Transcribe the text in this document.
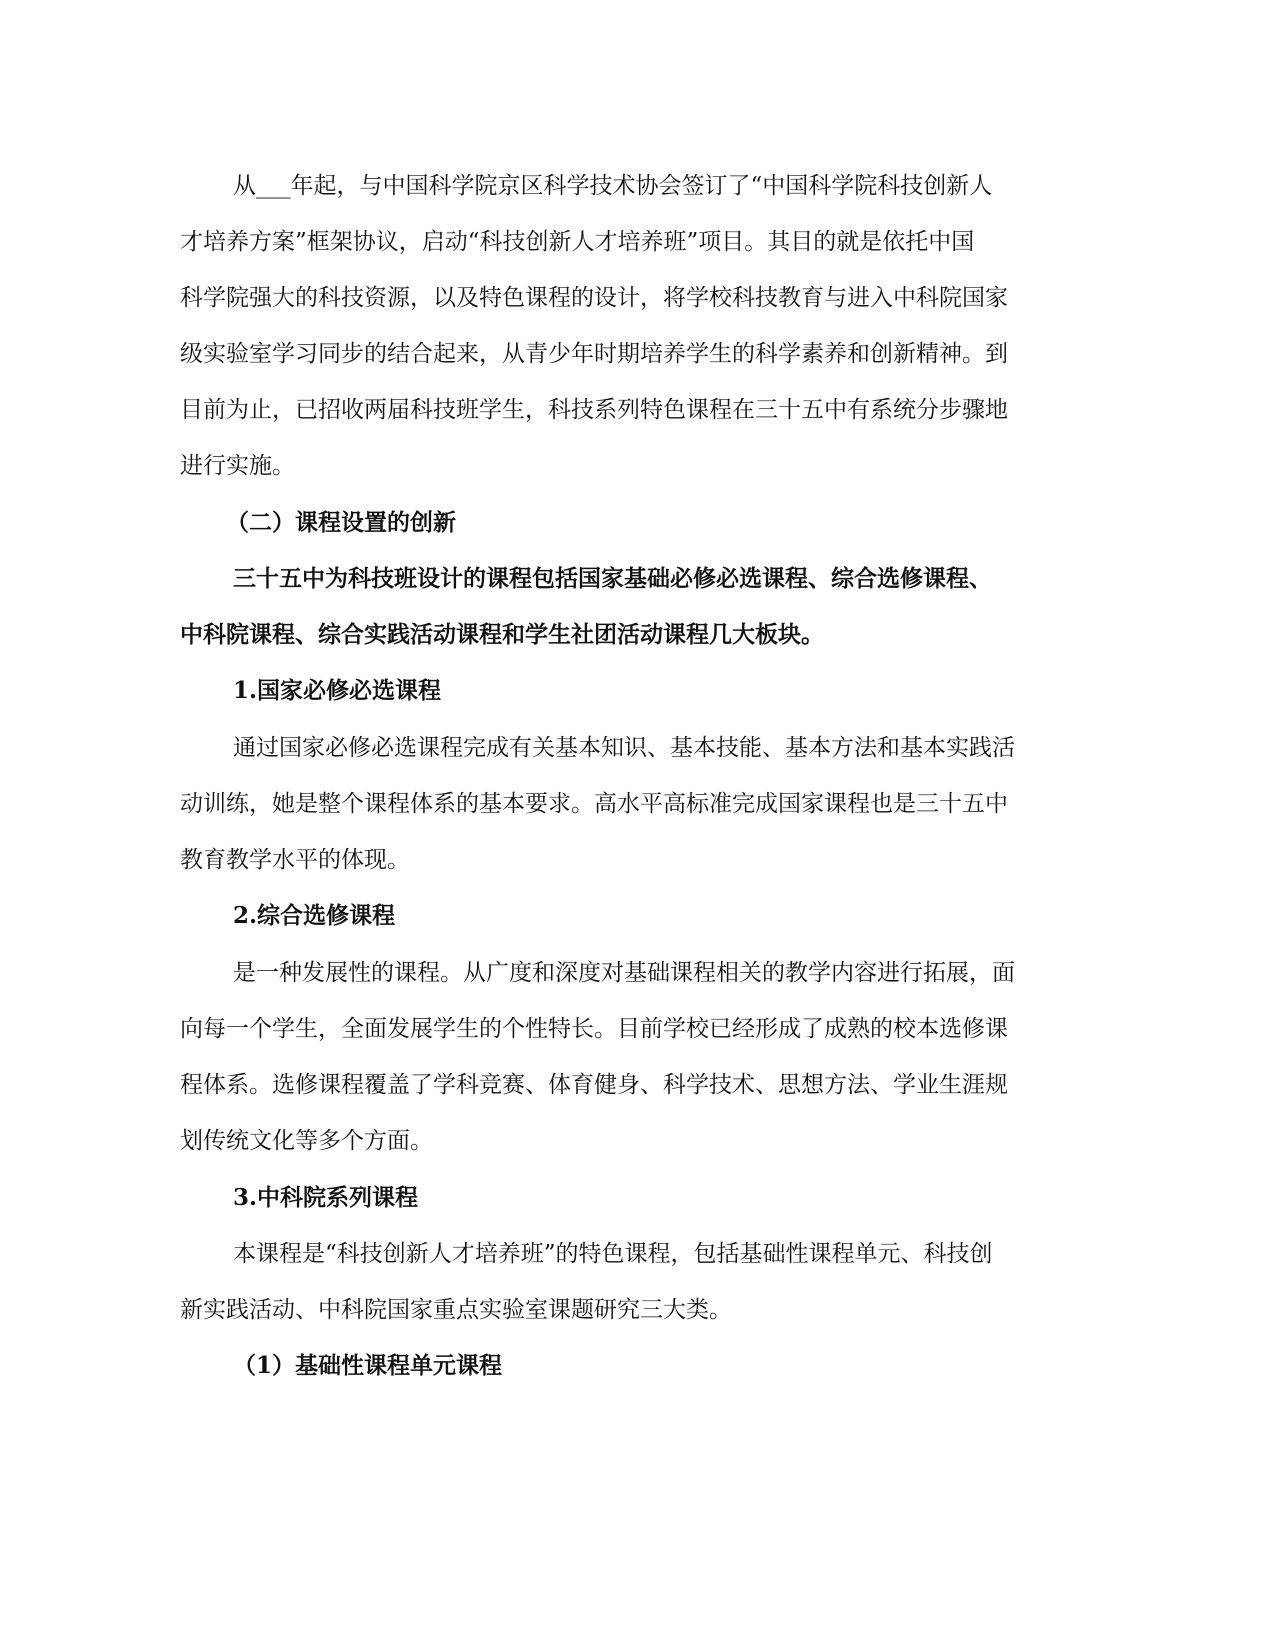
从___年起，与中国科学院京区科学技术协会签订了“中国科学院科技创新人
才培养方案”框架协议，启动“科技创新人才培养班”项目。其目的就是依托中国
科学院强大的科技资源，以及特色课程的设计，将学校科技教育与进入中科院国家
级实验室学习同步的结合起来，从青少年时期培养学生的科学素养和创新精神。到
目前为止，已招收两届科技班学生，科技系列特色课程在三十五中有系统分步骤地
进行实施。
（二）课程设置的创新
三十五中为科技班设计的课程包括国家基础必修必选课程、综合选修课程、
中科院课程、综合实践活动课程和学生社团活动课程几大板块。
1.国家必修必选课程
通过国家必修必选课程完成有关基本知识、基本技能、基本方法和基本实践活
动训练，她是整个课程体系的基本要求。高水平高标准完成国家课程也是三十五中
教育教学水平的体现。
2.综合选修课程
是一种发展性的课程。从广度和深度对基础课程相关的教学内容进行拓展，面
向每一个学生，全面发展学生的个性特长。目前学校已经形成了成熟的校本选修课
程体系。选修课程覆盖了学科竞赛、体育健身、科学技术、思想方法、学业生涯规
划传统文化等多个方面。
3.中科院系列课程
本课程是“科技创新人才培养班”的特色课程，包括基础性课程单元、科技创
新实践活动、中科院国家重点实验室课题研究三大类。
（1）基础性课程单元课程
